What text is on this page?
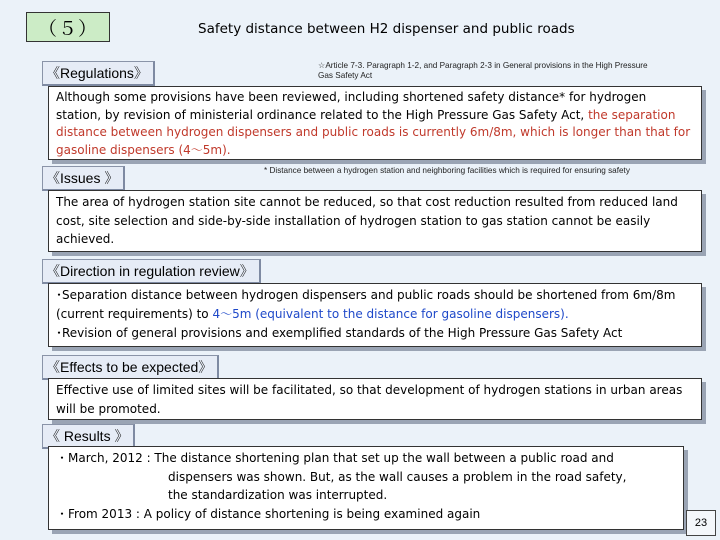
（５）	Safety distance between H2 dispenser and public roads
《Regulations》	☆Article 7-3. Paragraph 1-2, and Paragraph 2-3 in General provisions in the High Pressure Gas Safety Act
Although some provisions have been reviewed, including shortened safety distance* for hydrogen station, by revision of ministerial ordinance related to the High Pressure Gas Safety Act, the separation distance between hydrogen dispensers and public roads is currently 6m/8m, which is longer than that for gasoline dispensers (4～5m).
《Issues 》	* Distance between a hydrogen station and neighboring facilities which is required for ensuring safety
The area of hydrogen station site cannot be reduced, so that cost reduction resulted from reduced land cost, site selection and side-by-side installation of hydrogen station to gas station cannot be easily achieved.
《Direction in regulation review》
･Separation distance between hydrogen dispensers and public roads should be shortened from 6m/8m (current requirements) to 4～5m (equivalent to the distance for gasoline dispensers).
･Revision of general provisions and exemplified standards of the High Pressure Gas Safety Act
《Effects to be expected》
Effective use of limited sites will be facilitated, so that development of hydrogen stations in urban areas will be promoted.
《 Results 》
・March, 2012 : The distance shortening plan that set up the wall between a public road and
dispensers was shown. But, as the wall causes a problem in the road safety,
the standardization was interrupted.
・From 2013 : A policy of distance shortening is being examined again
23
